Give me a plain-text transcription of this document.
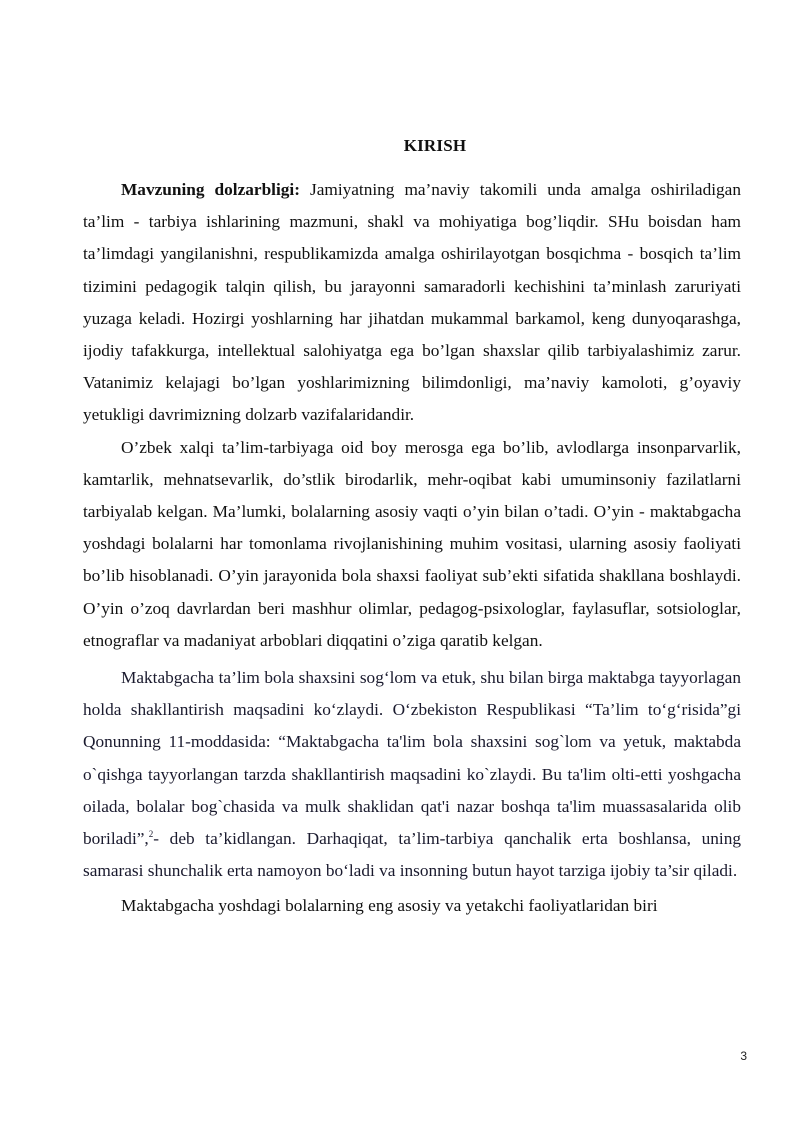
KIRISH

Mavzuning dolzarbligi: Jamiyatning ma’naviy takomili unda amalga oshiriladigan ta’lim - tarbiya ishlarining mazmuni, shakl va mohiyatiga bog’liqdir. SHu boisdan ham ta’limdagi yangilanishni, respublikamizda amalga oshirilayotgan bosqichma - bosqich ta’lim tizimini pedagogik talqin qilish, bu jarayonni samaradorli kechishini ta’minlash zaruriyati yuzaga keladi. Hozirgi yoshlarning har jihatdan mukammal barkamol, keng dunyoqarashga, ijodiy tafakkurga, intellektual salohiyatga ega bo’lgan shaxslar qilib tarbiyalashimiz zarur. Vatanimiz kelajagi bo’lgan yoshlarimizning bilimdonligi, ma’naviy kamoloti, g’oyaviy yetukligi davrimizning dolzarb vazifalaridandir.

O’zbek xalqi ta’lim-tarbiyaga oid boy merosga ega bo’lib, avlodlarga insonparvarlik, kamtarlik, mehnatsevarlik, do’stlik birodarlik, mehr-oqibat kabi umuminsoniy fazilatlarni tarbiyalab kelgan. Ma’lumki, bolalarning asosiy vaqti o’yin bilan o’tadi. O’yin - maktabgacha yoshdagi bolalarni har tomonlama rivojlanishining muhim vositasi, ularning asosiy faoliyati bo’lib hisoblanadi. O’yin jarayonida bola shaxsi faoliyat sub’ekti sifatida shakllana boshlaydi. O’yin o’zoq davrlardan beri mashhur olimlar, pedagog-psixologlar, faylasuflar, sotsiologlar, etnograflar va madaniyat arboblari diqqatini o’ziga qaratib kelgan.

Maktabgacha ta’lim bola shaxsini sog‘lom va etuk, shu bilan birga maktabga tayyorlagan holda shakllantirish maqsadini ko‘zlaydi. O‘zbekiston Respublikasi “Ta’lim to‘g‘risida”gi Qonunning 11-moddasida: “Maktabgacha ta'lim bola shaxsini sog`lom va yetuk, maktabda o`qishga tayyorlangan tarzda shakllantirish maqsadini ko`zlaydi. Bu ta'lim olti-etti yoshgacha oilada, bolalar bog`chasida va mulk shaklidan qat'i nazar boshqa ta'lim muassasalarida olib boriladi”,$^2$- deb ta’kidlangan. Darhaqiqat, ta’lim-tarbiya qanchalik erta boshlansa, uning samarasi shunchalik erta namoyon bo‘ladi va insonning butun hayot tarziga ijobiy ta’sir qiladi.

Maktabgacha yoshdagi bolalarning eng asosiy va yetakchi faoliyatlaridan biri

3
